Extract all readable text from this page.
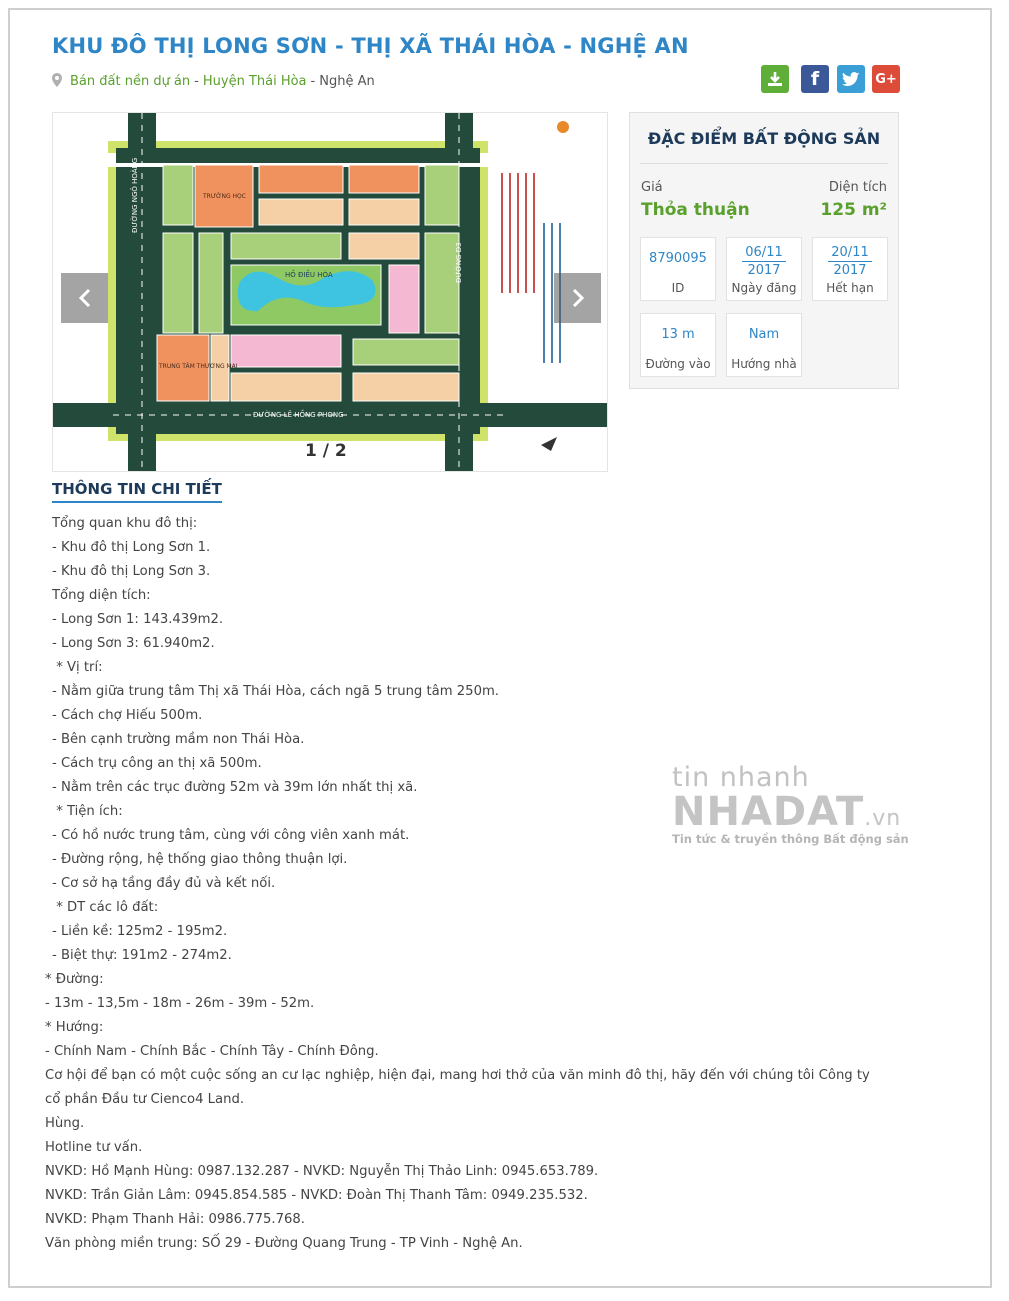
KHU ĐÔ THỊ LONG SƠN - THỊ XÃ THÁI HÒA - NGHỆ AN
Bán đất nền dự án - Huyện Thái Hòa - Nghệ An	f	G+
ĐƯỜNG NGÔ HOÀNG
ĐƯỜNG LÊ HỒNG PHONG
ĐƯỜNG D3
HỒ ĐIỀU HÒA
TRƯỜNG HỌC
TRUNG TÂM THƯƠNG MẠI
1 / 2
ĐẶC ĐIỂM BẤT ĐỘNG SẢN
Giá
Thỏa thuận
Diện tích
125 m²
8790095
ID
06/11
2017
Ngày đăng
20/11
2017
Hết hạn
13 m
Đường vào
Nam
Hướng nhà
THÔNG TIN CHI TIẾT
Tổng quan khu đô thị:
- Khu đô thị Long Sơn 1.
- Khu đô thị Long Sơn 3.
Tổng diện tích:
- Long Sơn 1: 143.439m2.
- Long Sơn 3: 61.940m2.
* Vị trí:
- Nằm giữa trung tâm Thị xã Thái Hòa, cách ngã 5 trung tâm 250m.
- Cách chợ Hiếu 500m.
- Bên cạnh trường mầm non Thái Hòa.
- Cách trụ công an thị xã 500m.
- Nằm trên các trục đường 52m và 39m lớn nhất thị xã.
* Tiện ích:
- Có hồ nước trung tâm, cùng với công viên xanh mát.
- Đường rộng, hệ thống giao thông thuận lợi.
- Cơ sở hạ tầng đầy đủ và kết nối.
* DT các lô đất:
- Liền kề: 125m2 - 195m2.
- Biệt thự: 191m2 - 274m2.
* Đường:
- 13m - 13,5m - 18m - 26m - 39m - 52m.
* Hướng:
- Chính Nam - Chính Bắc - Chính Tây - Chính Đông.
Cơ hội để bạn có một cuộc sống an cư lạc nghiệp, hiện đại, mang hơi thở của văn minh đô thị, hãy đến với chúng tôi Công ty cổ phần Đầu tư Cienco4 Land.
Hùng.
Hotline tư vấn.
NVKD: Hồ Mạnh Hùng: 0987.132.287 - NVKD: Nguyễn Thị Thảo Linh: 0945.653.789.
NVKD: Trần Giản Lâm: 0945.854.585 - NVKD: Đoàn Thị Thanh Tâm: 0949.235.532.
NVKD: Phạm Thanh Hải: 0986.775.768.
Văn phòng miền trung: SỐ 29 - Đường Quang Trung - TP Vinh - Nghệ An.
tin nhanh
NHADAT.vn
Tin tức & truyền thông Bất động sản
